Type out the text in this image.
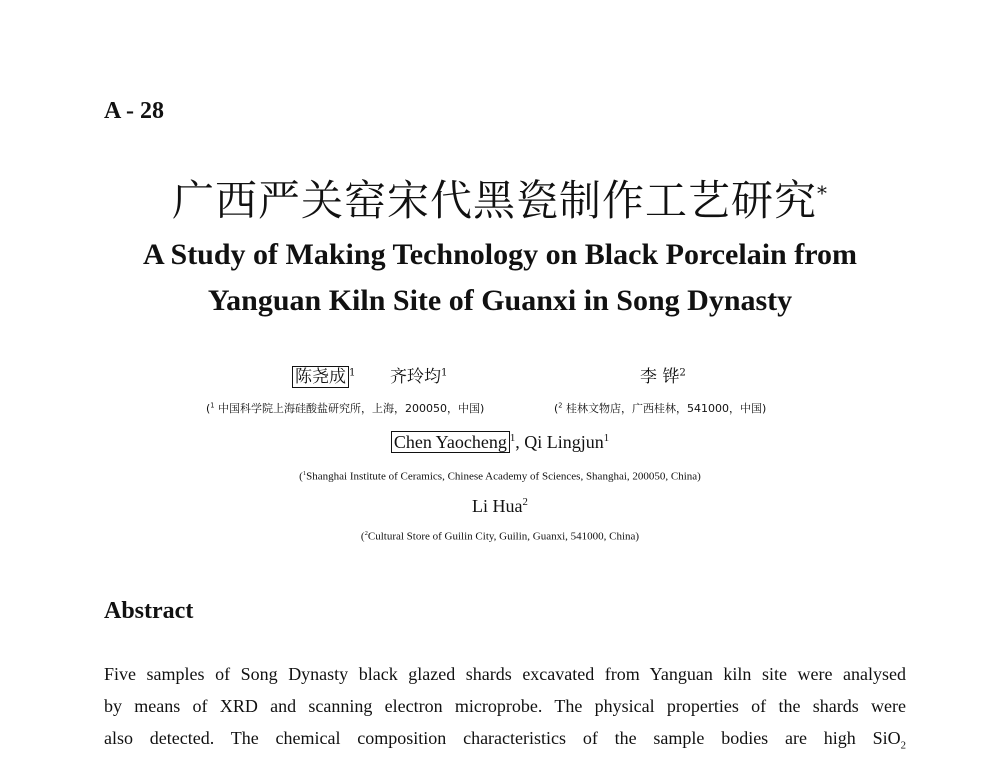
A - 28
广西严关窑宋代黑瓷制作工艺研究*
A Study of Making Technology on Black Porcelain from
Yanguan Kiln Site of Guanxi in Song Dynasty
陈尧成 $^1$ 齐玲均$^1$	李 铧$^2$
($^1$ 中国科学院上海硅酸盐研究所，上海，200050，中国)	($^2$ 桂林文物店，广西桂林，541000，中国)
Chen Yaocheng $^1$, Qi Lingjun$^1$
($^1$Shanghai Institute of Ceramics, Chinese Academy of Sciences, Shanghai, 200050, China)
Li Hua$^2$
($^2$Cultural Store of Guilin City, Guilin, Guanxi, 541000, China)
Abstract
Five samples of Song Dynasty black glazed shards excavated from Yanguan kiln site were analysed
by means of XRD and scanning electron microprobe. The physical properties of the shards were
also detected. The chemical composition characteristics of the sample bodies are high SiO$_2$
